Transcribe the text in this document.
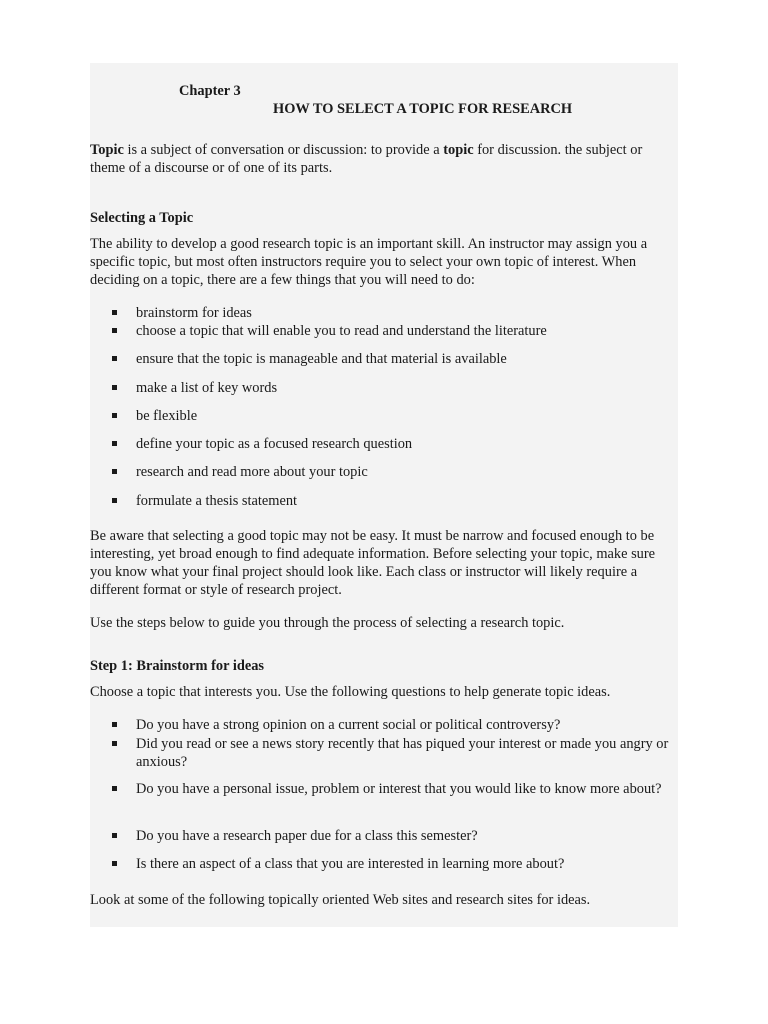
Chapter 3

HOW TO SELECT A TOPIC FOR RESEARCH

Topic is a subject of conversation or discussion: to provide a topic for discussion. the subject or theme of a discourse or of one of its parts.

Selecting a Topic

The ability to develop a good research topic is an important skill. An instructor may assign you a specific topic, but most often instructors require you to select your own topic of interest. When deciding on a topic, there are a few things that you will need to do:

brainstorm for ideas
choose a topic that will enable you to read and understand the literature
ensure that the topic is manageable and that material is available
make a list of key words
be flexible
define your topic as a focused research question
research and read more about your topic
formulate a thesis statement

Be aware that selecting a good topic may not be easy. It must be narrow and focused enough to be interesting, yet broad enough to find adequate information. Before selecting your topic, make sure you know what your final project should look like. Each class or instructor will likely require a different format or style of research project.

Use the steps below to guide you through the process of selecting a research topic.

Step 1: Brainstorm for ideas

Choose a topic that interests you. Use the following questions to help generate topic ideas.

Do you have a strong opinion on a current social or political controversy?
Did you read or see a news story recently that has piqued your interest or made you angry or anxious?
Do you have a personal issue, problem or interest that you would like to know more about?
Do you have a research paper due for a class this semester?
Is there an aspect of a class that you are interested in learning more about?

Look at some of the following topically oriented Web sites and research sites for ideas.
